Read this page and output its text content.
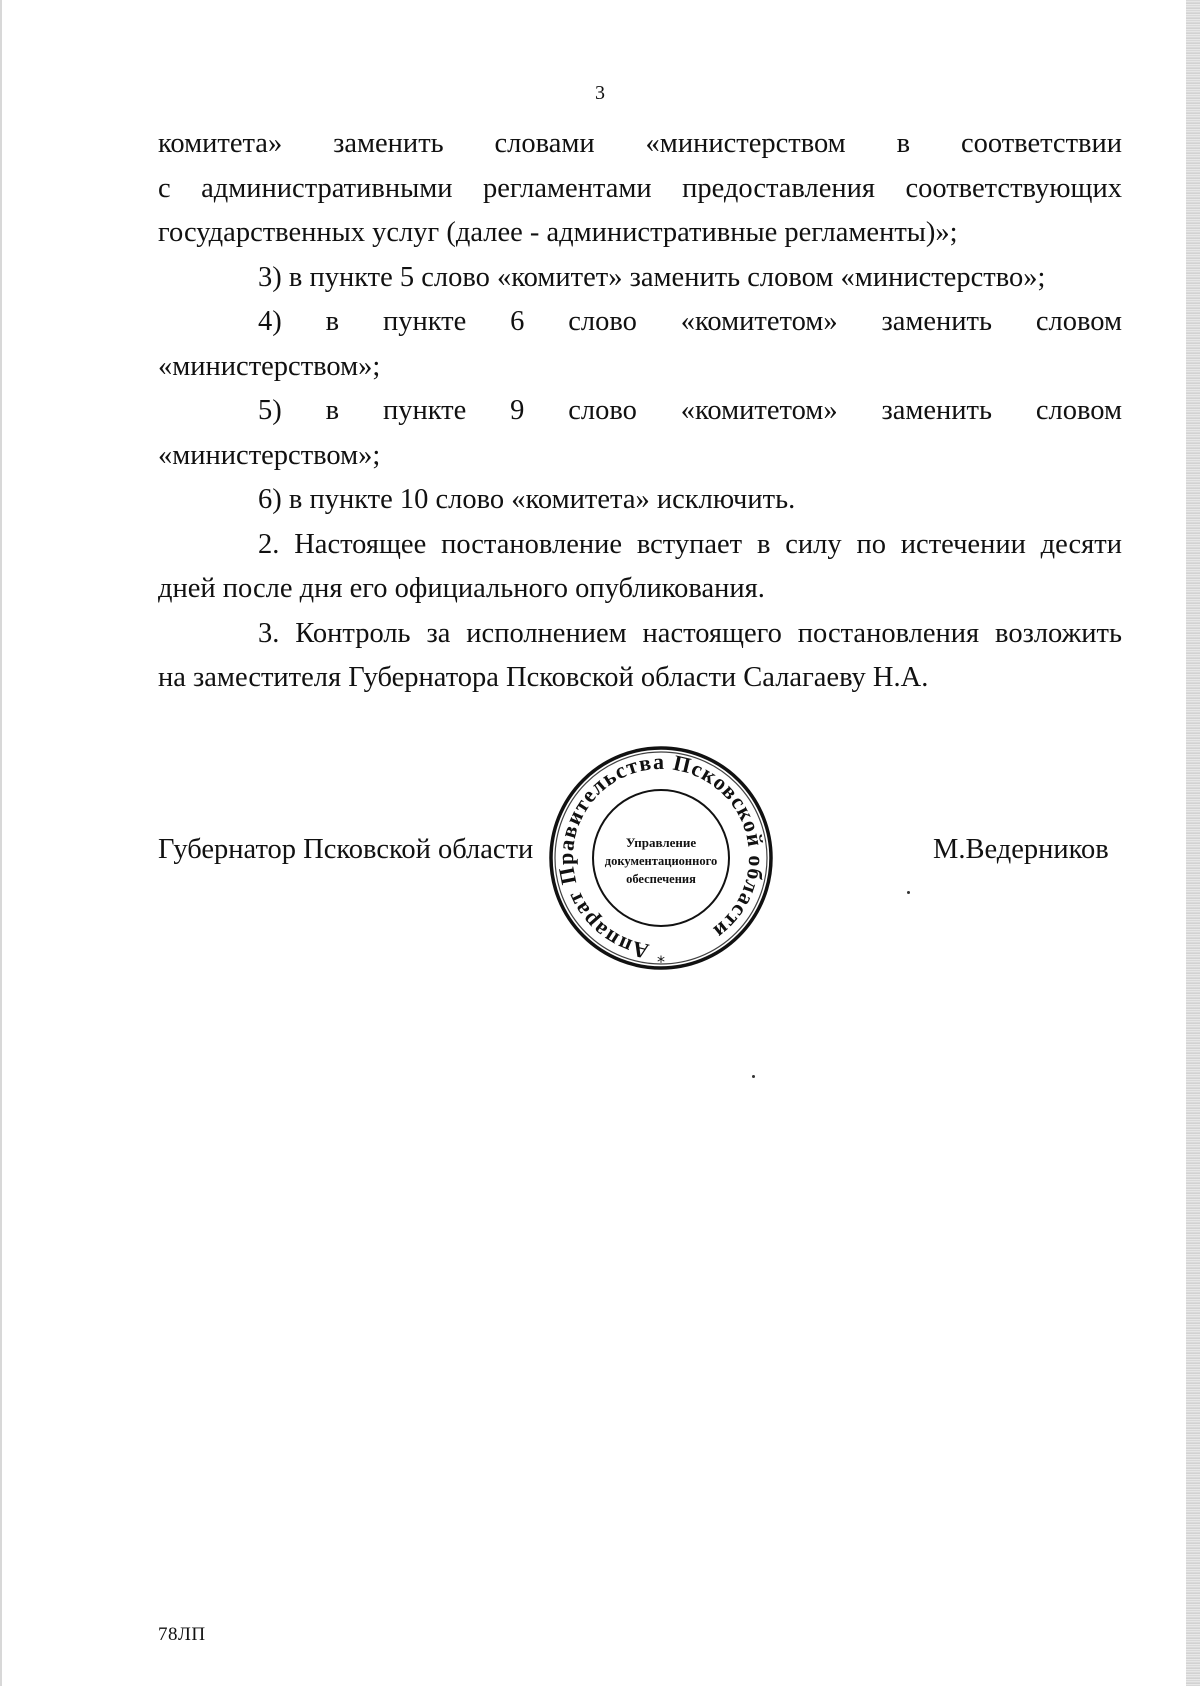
3
комитета» заменить словами «министерством в соответствии
с административными регламентами предоставления соответствующих
государственных услуг (далее - административные регламенты)»;
3) в пункте 5 слово «комитет» заменить словом «министерство»;
4) в пункте 6 слово «комитетом» заменить словом
«министерством»;
5) в пункте 9 слово «комитетом» заменить словом
«министерством»;
6) в пункте 10 слово «комитета» исключить.
2. Настоящее постановление вступает в силу по истечении десяти
дней после дня его официального опубликования.
3. Контроль за исполнением настоящего постановления возложить
на заместителя Губернатора Псковской области Салагаеву Н.А.
Губернатор Псковской области	М.Ведерников
Аппарат Правительства Псковской области
Управление
документационного
обеспечения
*
78ЛП
